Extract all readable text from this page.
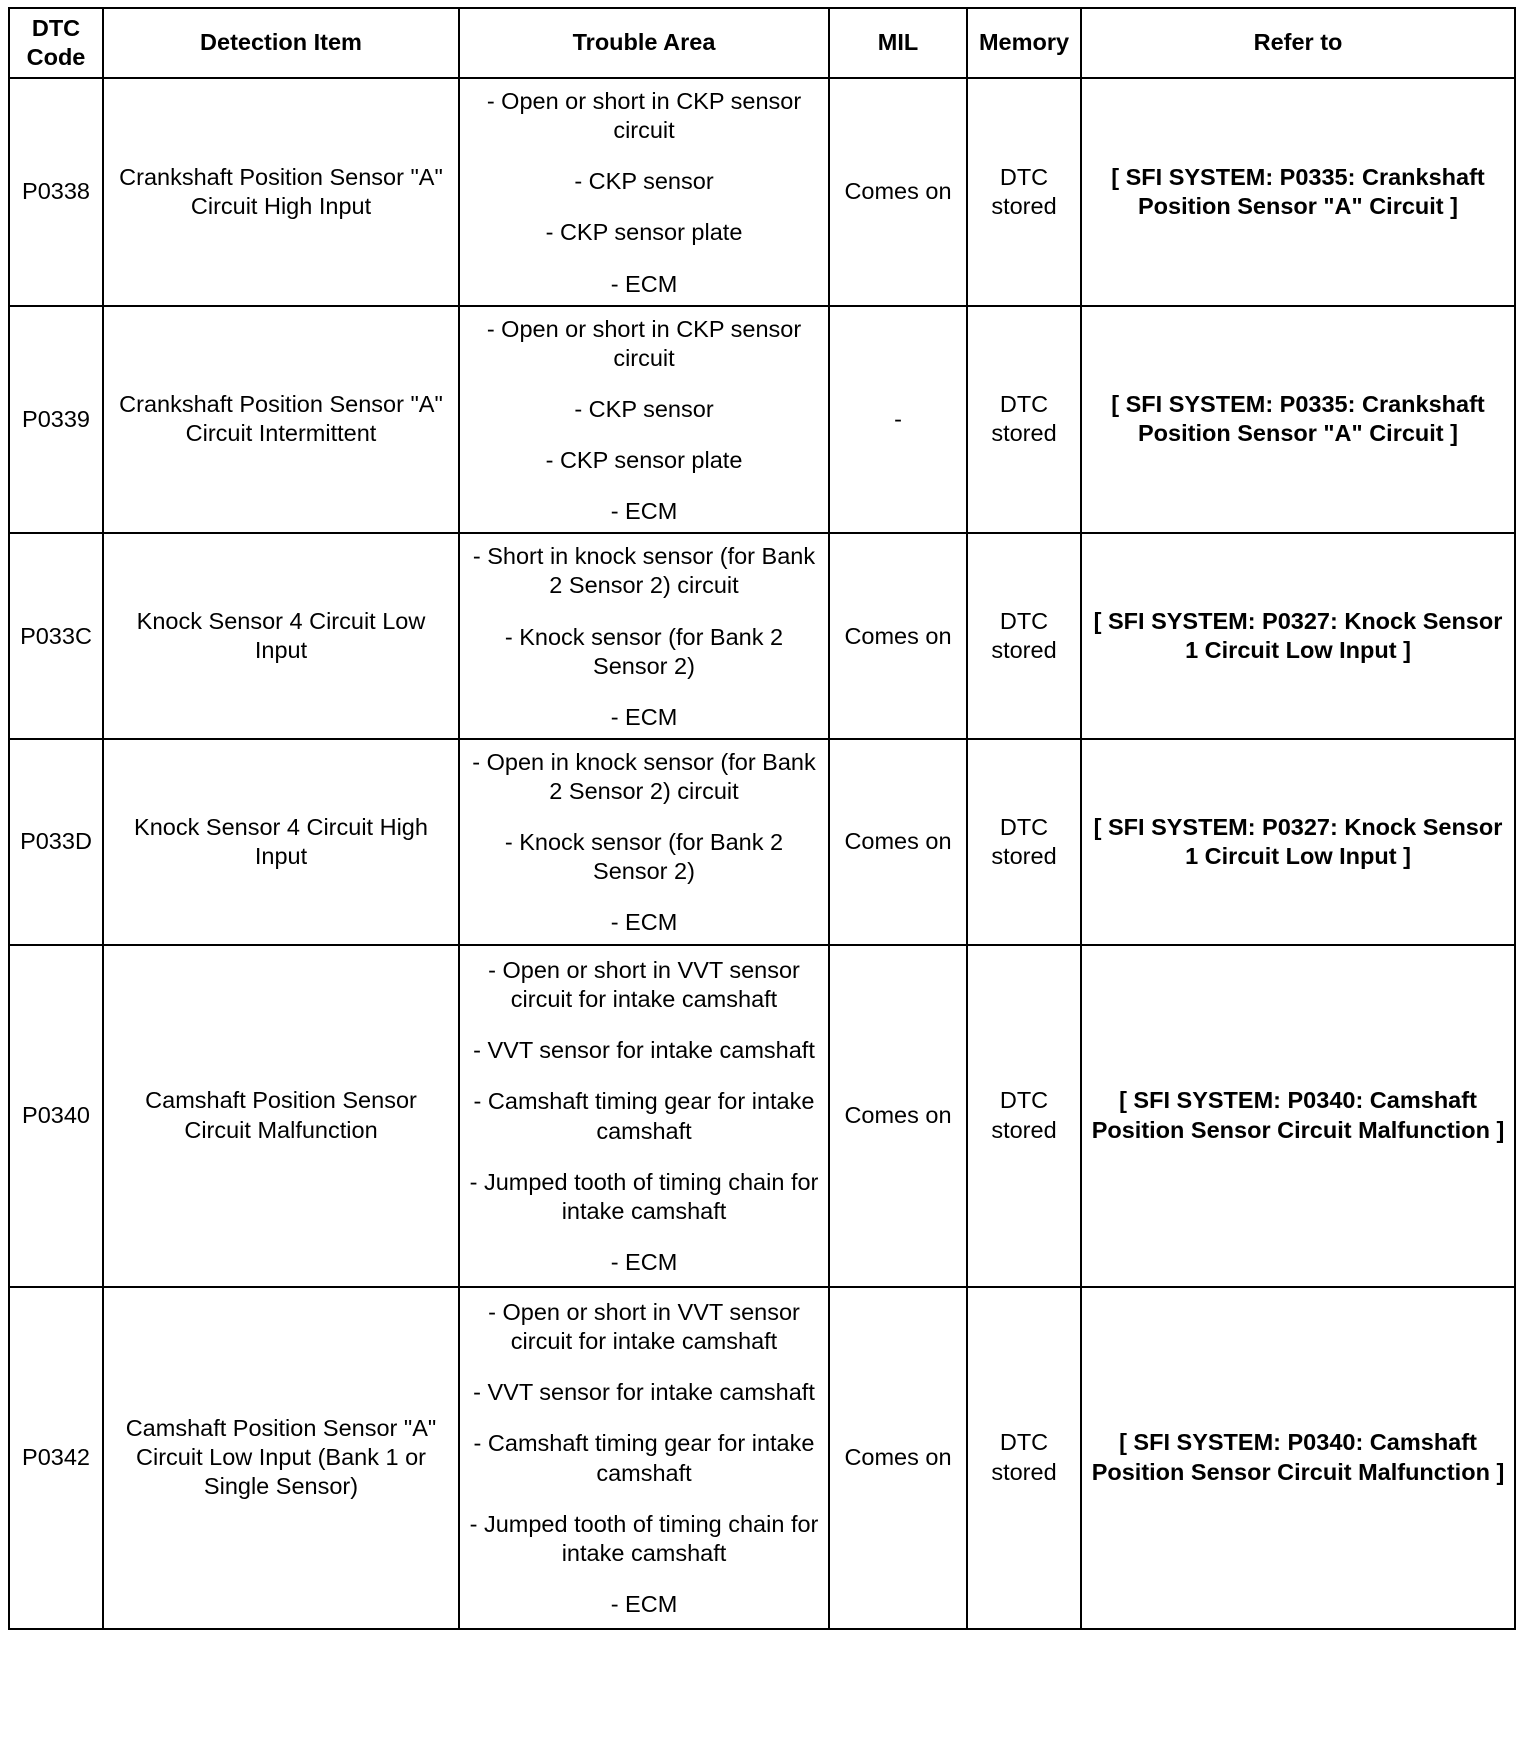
DTC Code	Detection Item	Trouble Area	MIL	Memory	Refer to
P0338	Crankshaft Position Sensor "A" Circuit High Input	- Open or short in CKP sensor circuit
- CKP sensor
- CKP sensor plate
- ECM	Comes on	DTC stored	[ SFI SYSTEM: P0335: Crankshaft Position Sensor "A" Circuit ]
P0339	Crankshaft Position Sensor "A" Circuit Intermittent	- Open or short in CKP sensor circuit
- CKP sensor
- CKP sensor plate
- ECM	-	DTC stored	[ SFI SYSTEM: P0335: Crankshaft Position Sensor "A" Circuit ]
P033C	Knock Sensor 4 Circuit Low Input	- Short in knock sensor (for Bank 2 Sensor 2) circuit
- Knock sensor (for Bank 2 Sensor 2)
- ECM	Comes on	DTC stored	[ SFI SYSTEM: P0327: Knock Sensor 1 Circuit Low Input ]
P033D	Knock Sensor 4 Circuit High Input	- Open in knock sensor (for Bank 2 Sensor 2) circuit
- Knock sensor (for Bank 2 Sensor 2)
- ECM	Comes on	DTC stored	[ SFI SYSTEM: P0327: Knock Sensor 1 Circuit Low Input ]
P0340	Camshaft Position Sensor Circuit Malfunction	- Open or short in VVT sensor circuit for intake camshaft
- VVT sensor for intake camshaft
- Camshaft timing gear for intake camshaft
- Jumped tooth of timing chain for intake camshaft
- ECM	Comes on	DTC stored	[ SFI SYSTEM: P0340: Camshaft Position Sensor Circuit Malfunction ]
P0342	Camshaft Position Sensor "A" Circuit Low Input (Bank 1 or Single Sensor)	- Open or short in VVT sensor circuit for intake camshaft
- VVT sensor for intake camshaft
- Camshaft timing gear for intake camshaft
- Jumped tooth of timing chain for intake camshaft
- ECM	Comes on	DTC stored	[ SFI SYSTEM: P0340: Camshaft Position Sensor Circuit Malfunction ]
